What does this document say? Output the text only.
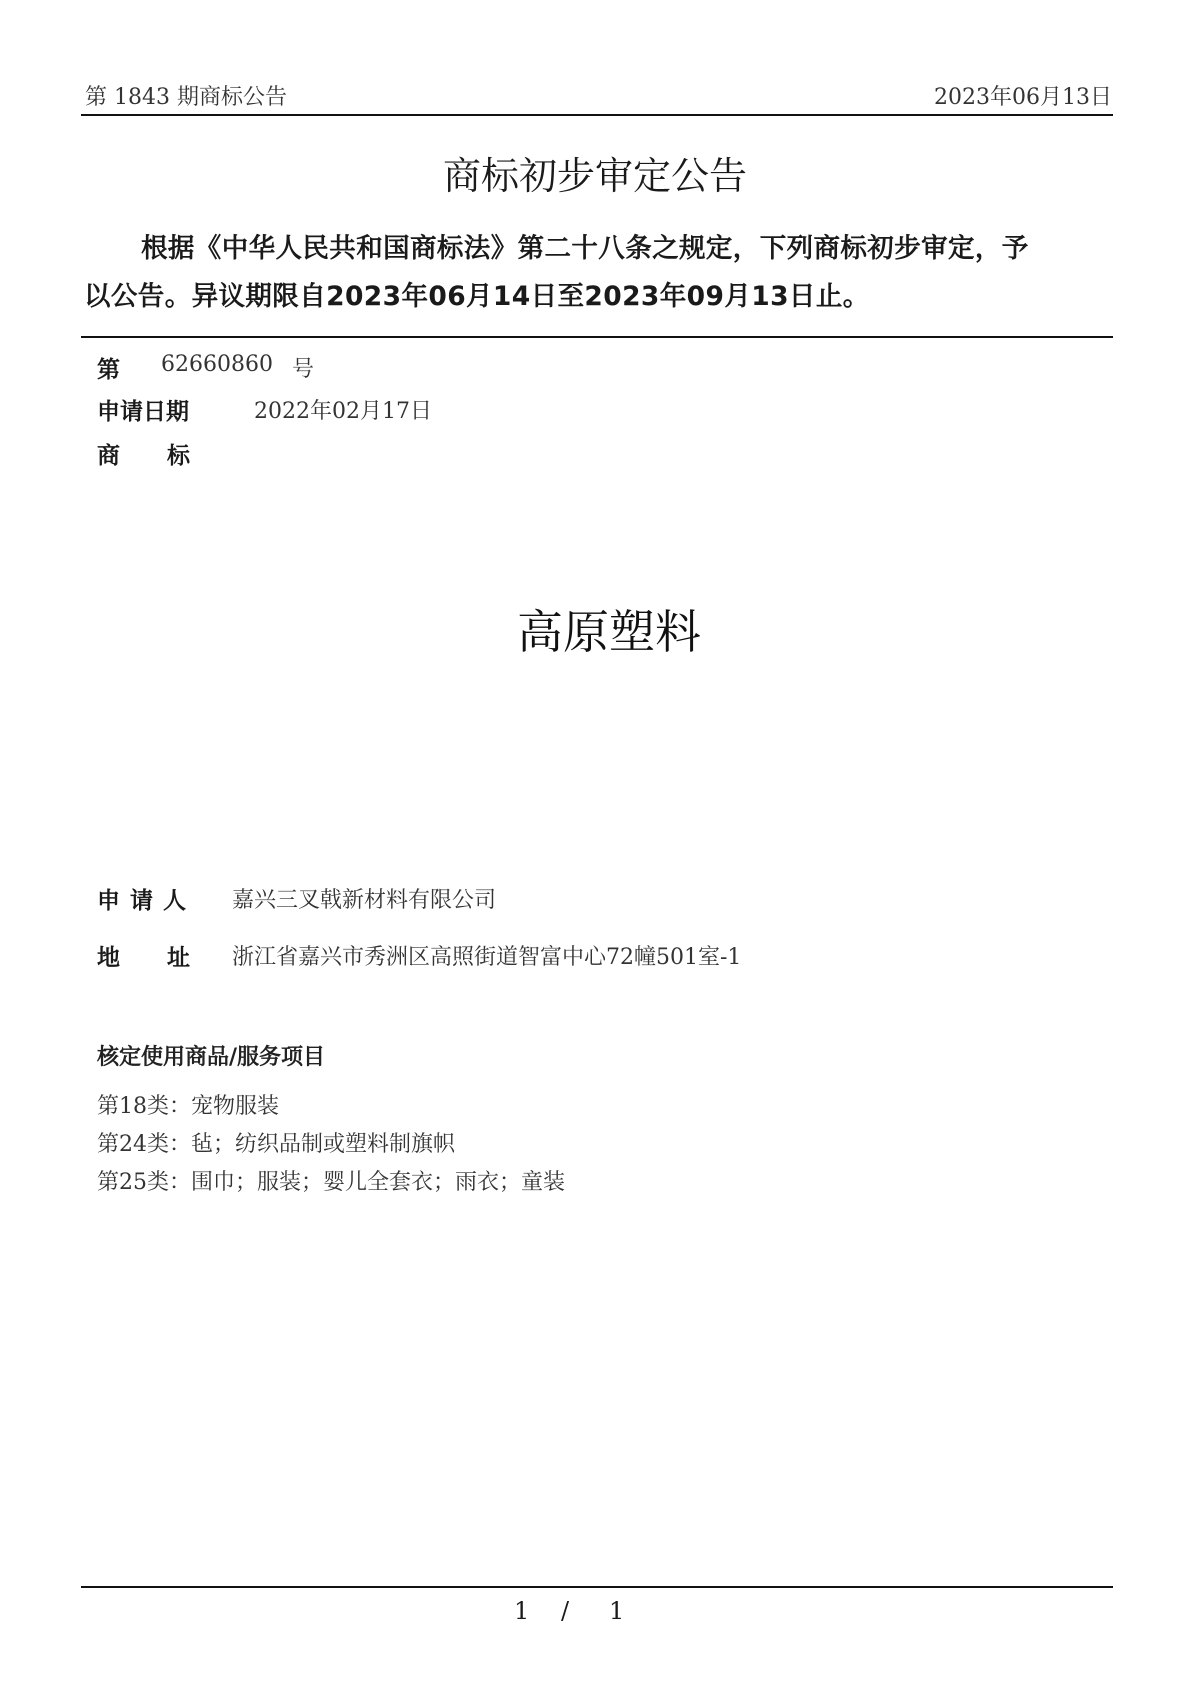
第 1843 期商标公告	2023年06月13日
商标初步审定公告
根据《中华人民共和国商标法》第二十八条之规定，下列商标初步审定，予
以公告。异议期限自2023年06月14日至2023年09月13日止。
第 62660860 号
申请日期	2022年02月17日
商 标
高原塑料
申 请 人 嘉兴三叉戟新材料有限公司
地 址 浙江省嘉兴市秀洲区高照街道智富中心72幢501室-1
核定使用商品/服务项目
第18类：宠物服装
第24类：毡；纺织品制或塑料制旗帜
第25类：围巾；服装；婴儿全套衣；雨衣；童装
1 / 1
